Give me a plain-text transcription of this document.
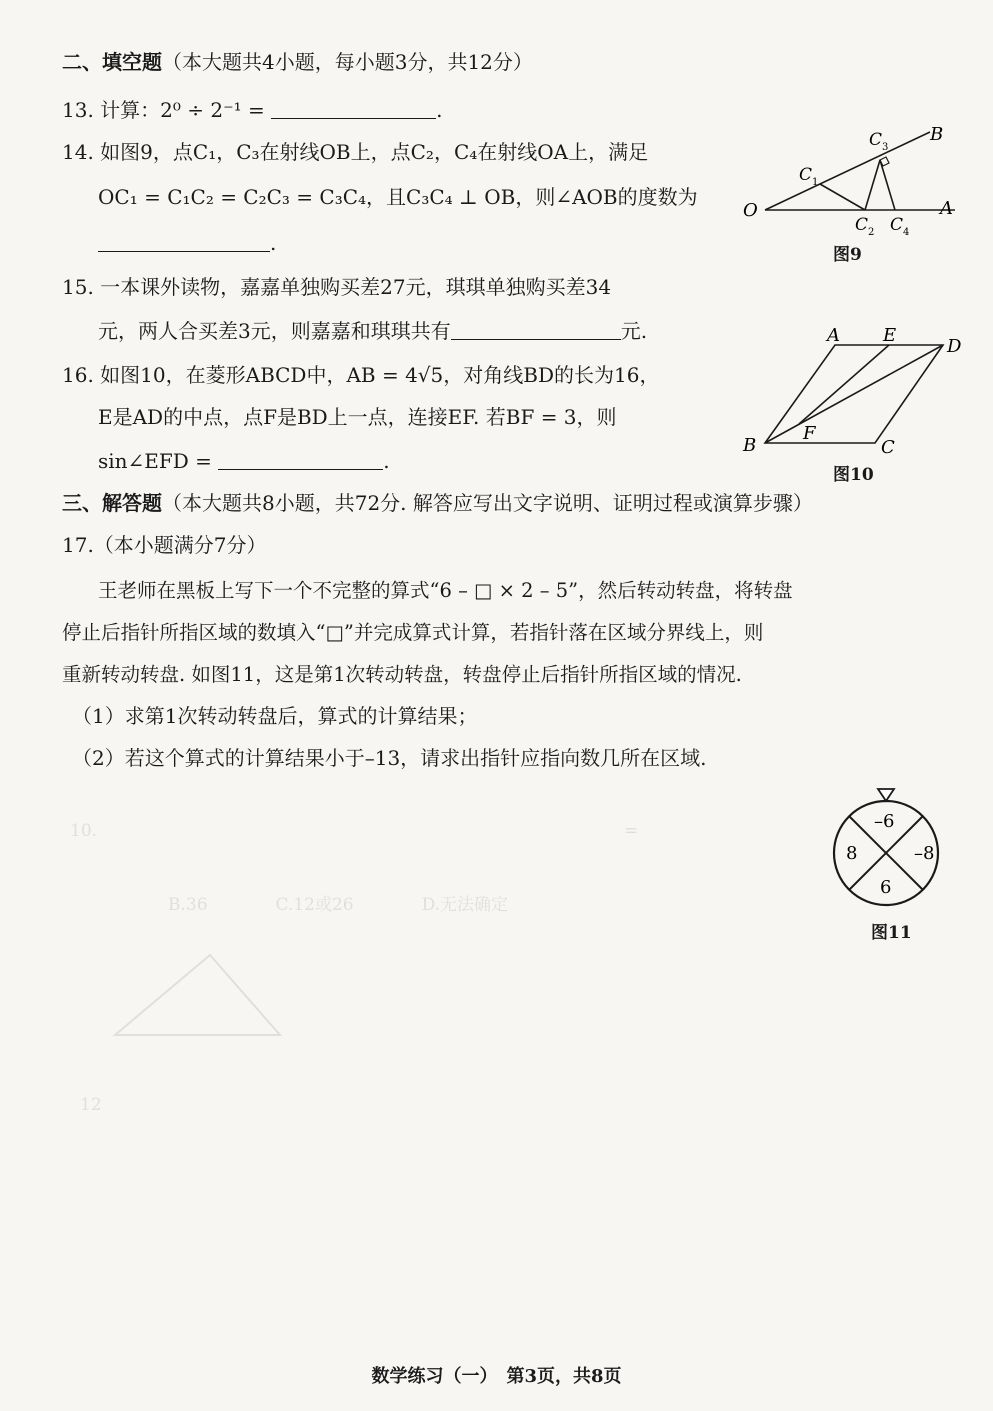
10.　　　　　　　　　　　　　　　　　　　　　　　　　　　　　　　=
　　　　B.36　　　　C.12或26　　　　D.无法确定
12

二、填空题（本大题共4小题，每小题3分，共12分）
13. 计算：2⁰ ÷ 2⁻¹ =	.
14. 如图9，点C₁，C₃在射线OB上，点C₂，C₄在射线OA上，满足
OC₁ = C₁C₂ = C₂C₃ = C₃C₄，且C₃C₄ ⊥ OB，则∠AOB的度数为
.
15. 一本课外读物，嘉嘉单独购买差27元，琪琪单独购买差34
元，两人合买差3元，则嘉嘉和琪琪共有	元.
16. 如图10，在菱形ABCD中，AB = 4√5，对角线BD的长为16，
E是AD的中点，点F是BD上一点，连接EF. 若BF = 3，则
sin∠EFD =	.
三、解答题（本大题共8小题，共72分. 解答应写出文字说明、证明过程或演算步骤）
17.（本小题满分7分）
王老师在黑板上写下一个不完整的算式“6 – □ × 2 – 5”，然后转动转盘，将转盘
停止后指针所指区域的数填入“□”并完成算式计算，若指针落在区域分界线上，则
重新转动转盘. 如图11，这是第1次转动转盘，转盘停止后指针所指区域的情况.
（1）求第1次转动转盘后，算式的计算结果；
（2）若这个算式的计算结果小于–13，请求出指针应指向数几所在区域.
O	A
B
C 1
C 3
C 2 C 4
图9
A E
D
B	C
F
图10
–6
–8
6
8
图11
数学练习（一）　第3页，共8页
